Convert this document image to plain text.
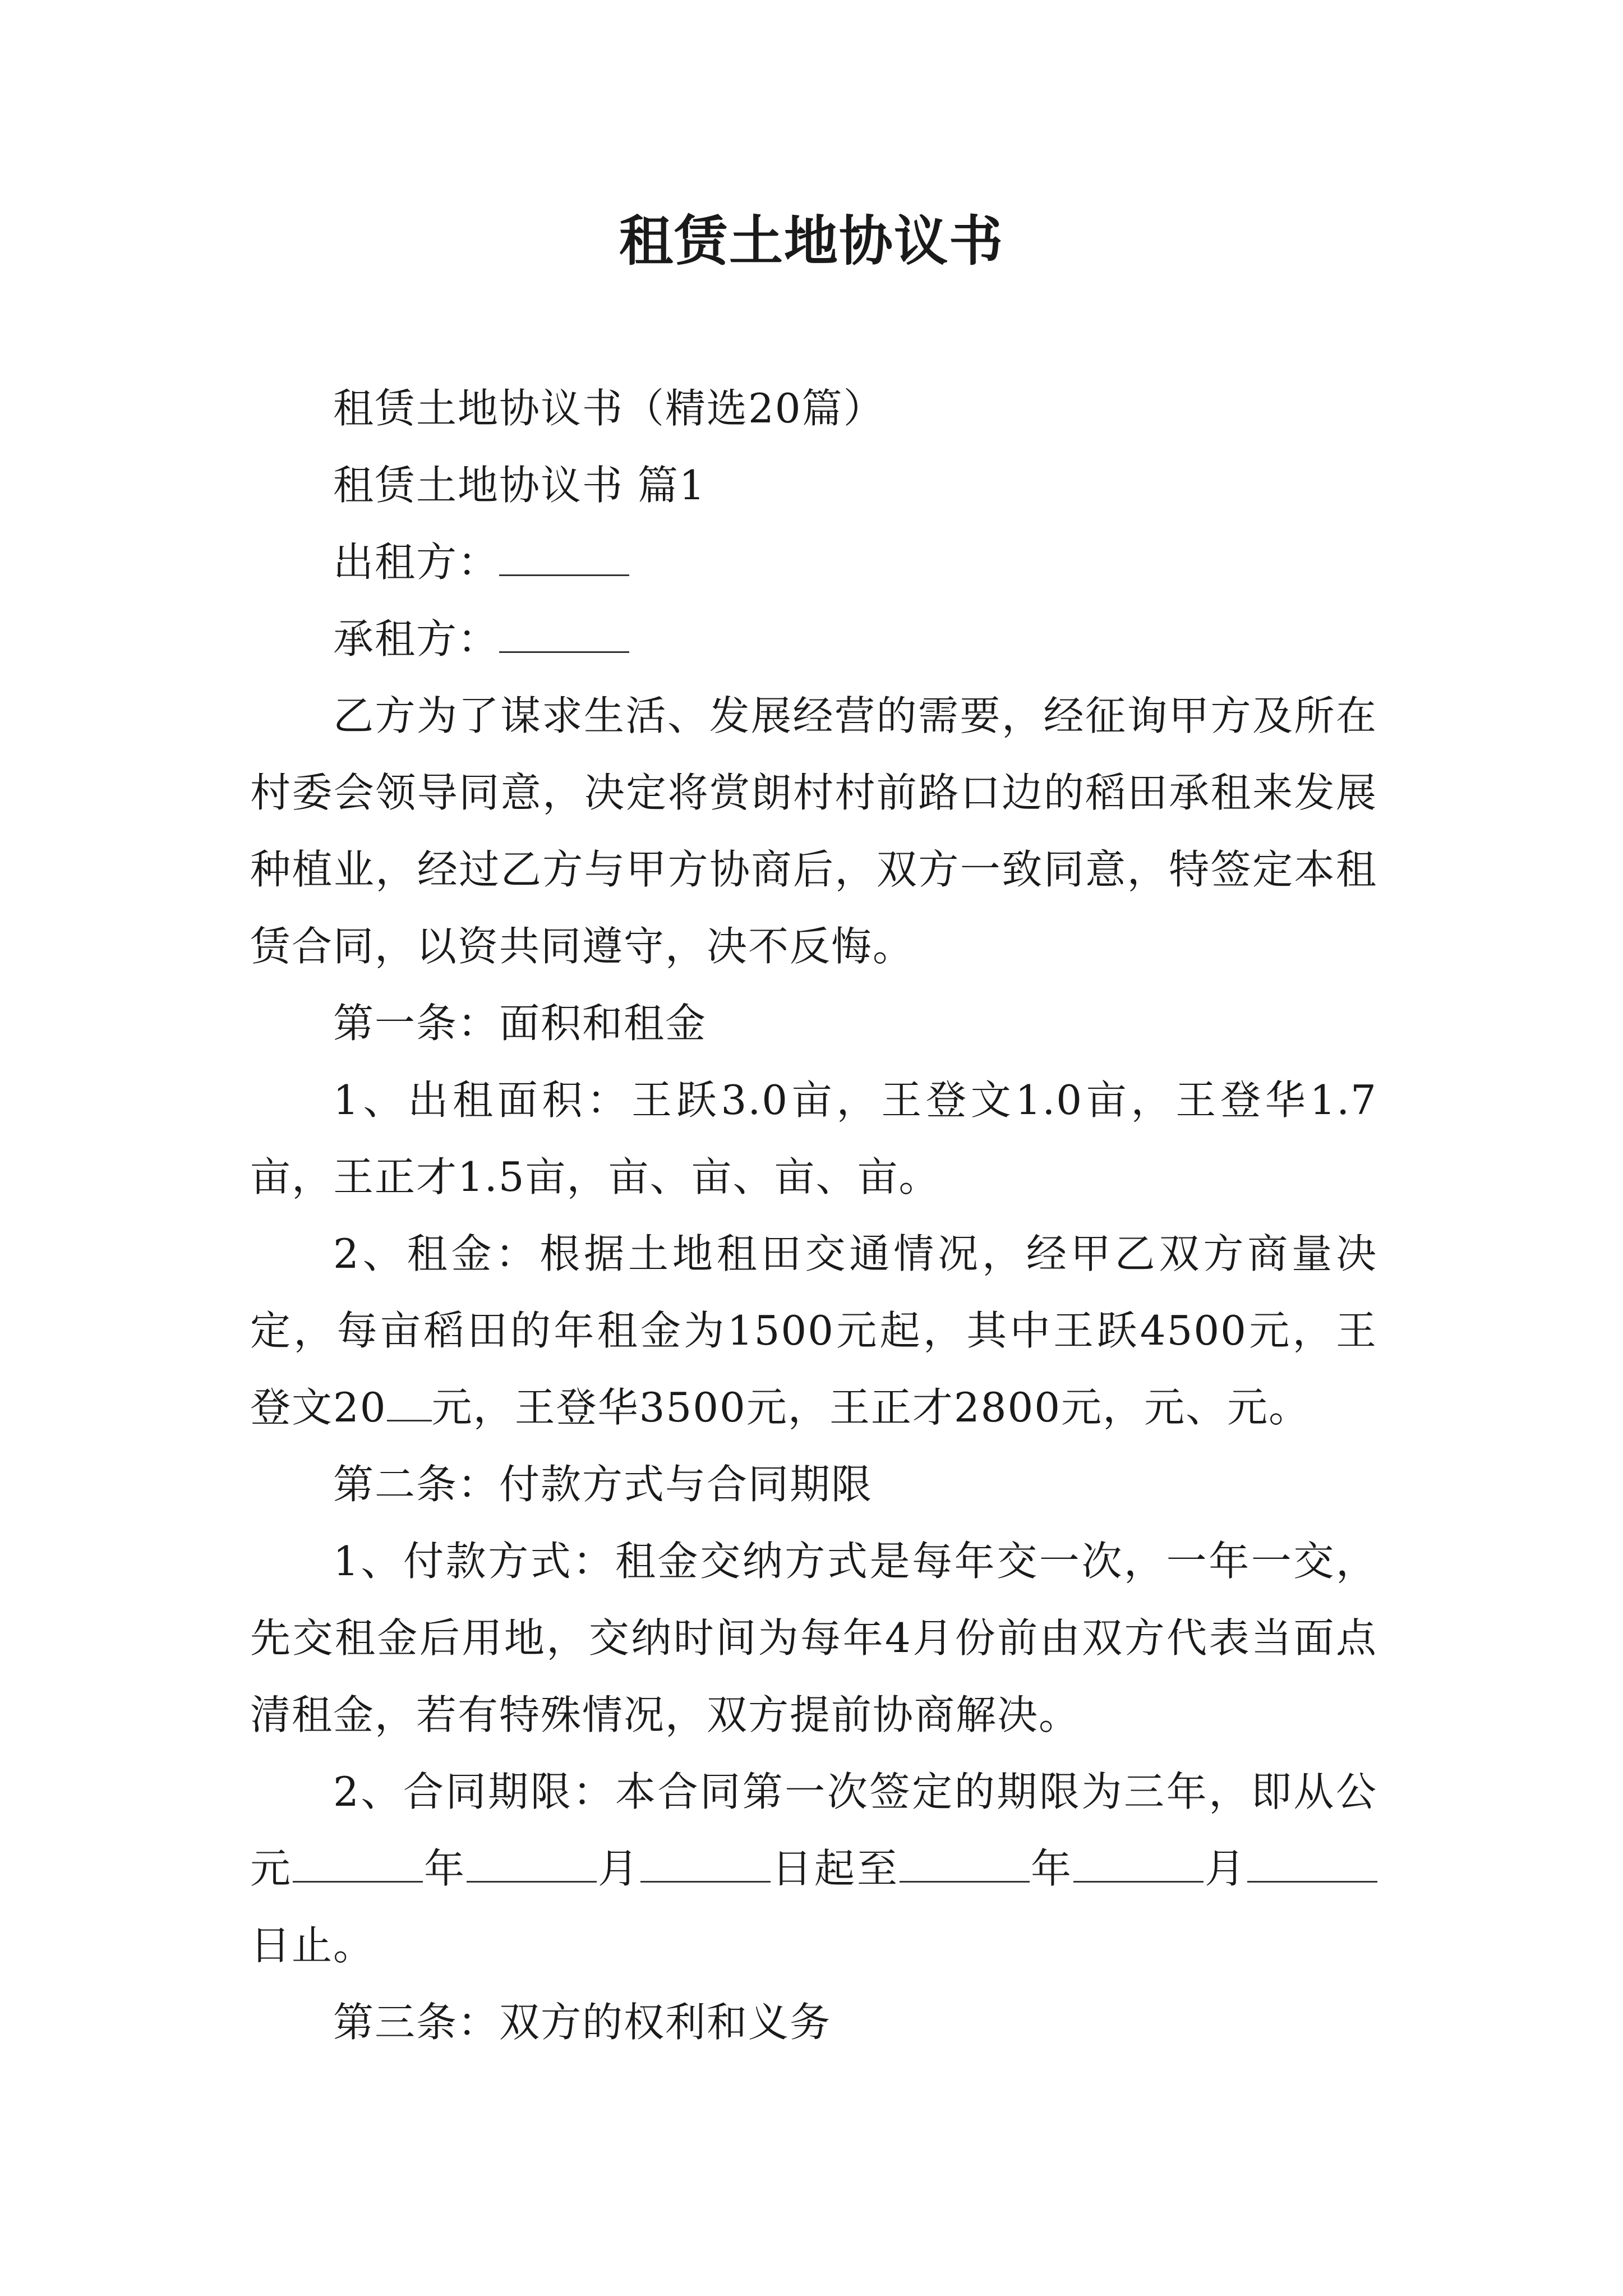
租赁土地协议书

租赁土地协议书（精选20篇）

租赁土地协议书 篇1

出租方：

承租方：

乙方为了谋求生活、发展经营的需要，经征询甲方及所在村委会领导同意，决定将赏朗村村前路口边的稻田承租来发展种植业，经过乙方与甲方协商后，双方一致同意，特签定本租赁合同，以资共同遵守，决不反悔。

第一条：面积和租金

1、出租面积：王跃3.0亩，王登文1.0亩，王登华1.7亩，王正才1.5亩，亩、亩、亩、亩。

2、租金：根据土地租田交通情况，经甲乙双方商量决定，每亩稻田的年租金为1500元起，其中王跃4500元，王登文20 元，王登华3500元，王正才2800元，元、元。

第二条：付款方式与合同期限

1、付款方式：租金交纳方式是每年交一次，一年一交，先交租金后用地，交纳时间为每年4月份前由双方代表当面点清租金，若有特殊情况，双方提前协商解决。

2、合同期限：本合同第一次签定的期限为三年，即从公元	年	月	日起至	年	月日止。

第三条：双方的权利和义务
